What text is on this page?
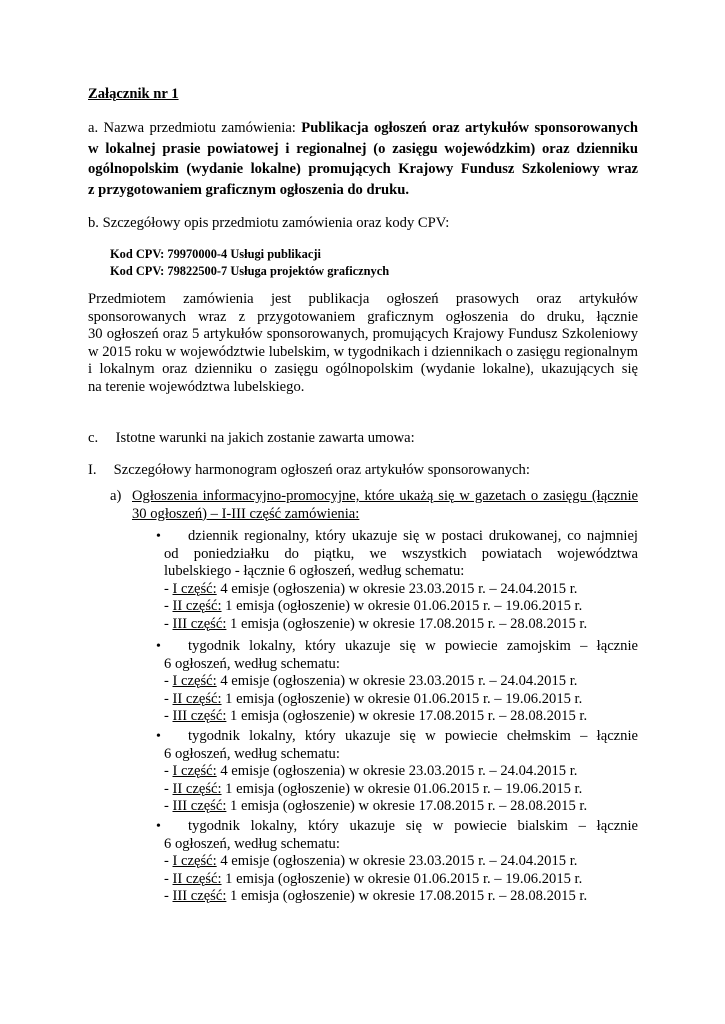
Załącznik nr 1
a. Nazwa przedmiotu zamówienia: Publikacja ogłoszeń oraz artykułów sponsorowanych
w lokalnej prasie powiatowej i regionalnej (o zasięgu wojewódzkim) oraz dzienniku
ogólnopolskim (wydanie lokalne) promujących Krajowy Fundusz Szkoleniowy wraz
z przygotowaniem graficznym ogłoszenia do druku.
b. Szczegółowy opis przedmiotu zamówienia oraz kody CPV:
Kod CPV: 79970000-4 Usługi publikacji
Kod CPV: 79822500-7 Usługa projektów graficznych
Przedmiotem zamówienia jest publikacja ogłoszeń prasowych oraz artykułów
sponsorowanych wraz z przygotowaniem graficznym ogłoszenia do druku, łącznie
30 ogłoszeń oraz 5 artykułów sponsorowanych, promujących Krajowy Fundusz Szkoleniowy
w 2015 roku w województwie lubelskim, w tygodnikach i dziennikach o zasięgu regionalnym
i lokalnym oraz dzienniku o zasięgu ogólnopolskim (wydanie lokalne), ukazujących się
na terenie województwa lubelskiego.
c. Istotne warunki na jakich zostanie zawarta umowa:
I. Szczegółowy harmonogram ogłoszeń oraz artykułów sponsorowanych:
a) Ogłoszenia informacyjno-promocyjne, które ukażą się w gazetach o zasięgu (łącznie
30 ogłoszeń) – I-III część zamówienia:
•	dziennik regionalny, który ukazuje się w postaci drukowanej, co najmniej
od poniedziałku do piątku, we wszystkich powiatach województwa
lubelskiego - łącznie 6 ogłoszeń, według schematu:
- I część: 4 emisje (ogłoszenia) w okresie 23.03.2015 r. – 24.04.2015 r.
- II część: 1 emisja (ogłoszenie) w okresie 01.06.2015 r. – 19.06.2015 r.
- III część: 1 emisja (ogłoszenie) w okresie 17.08.2015 r. – 28.08.2015 r.
•	tygodnik lokalny, który ukazuje się w powiecie zamojskim – łącznie
6 ogłoszeń, według schematu:
- I część: 4 emisje (ogłoszenia) w okresie 23.03.2015 r. – 24.04.2015 r.
- II część: 1 emisja (ogłoszenie) w okresie 01.06.2015 r. – 19.06.2015 r.
- III część: 1 emisja (ogłoszenie) w okresie 17.08.2015 r. – 28.08.2015 r.
•	tygodnik lokalny, który ukazuje się w powiecie chełmskim – łącznie
6 ogłoszeń, według schematu:
- I część: 4 emisje (ogłoszenia) w okresie 23.03.2015 r. – 24.04.2015 r.
- II część: 1 emisja (ogłoszenie) w okresie 01.06.2015 r. – 19.06.2015 r.
- III część: 1 emisja (ogłoszenie) w okresie 17.08.2015 r. – 28.08.2015 r.
•	tygodnik lokalny, który ukazuje się w powiecie bialskim – łącznie
6 ogłoszeń, według schematu:
- I część: 4 emisje (ogłoszenia) w okresie 23.03.2015 r. – 24.04.2015 r.
- II część: 1 emisja (ogłoszenie) w okresie 01.06.2015 r. – 19.06.2015 r.
- III część: 1 emisja (ogłoszenie) w okresie 17.08.2015 r. – 28.08.2015 r.
